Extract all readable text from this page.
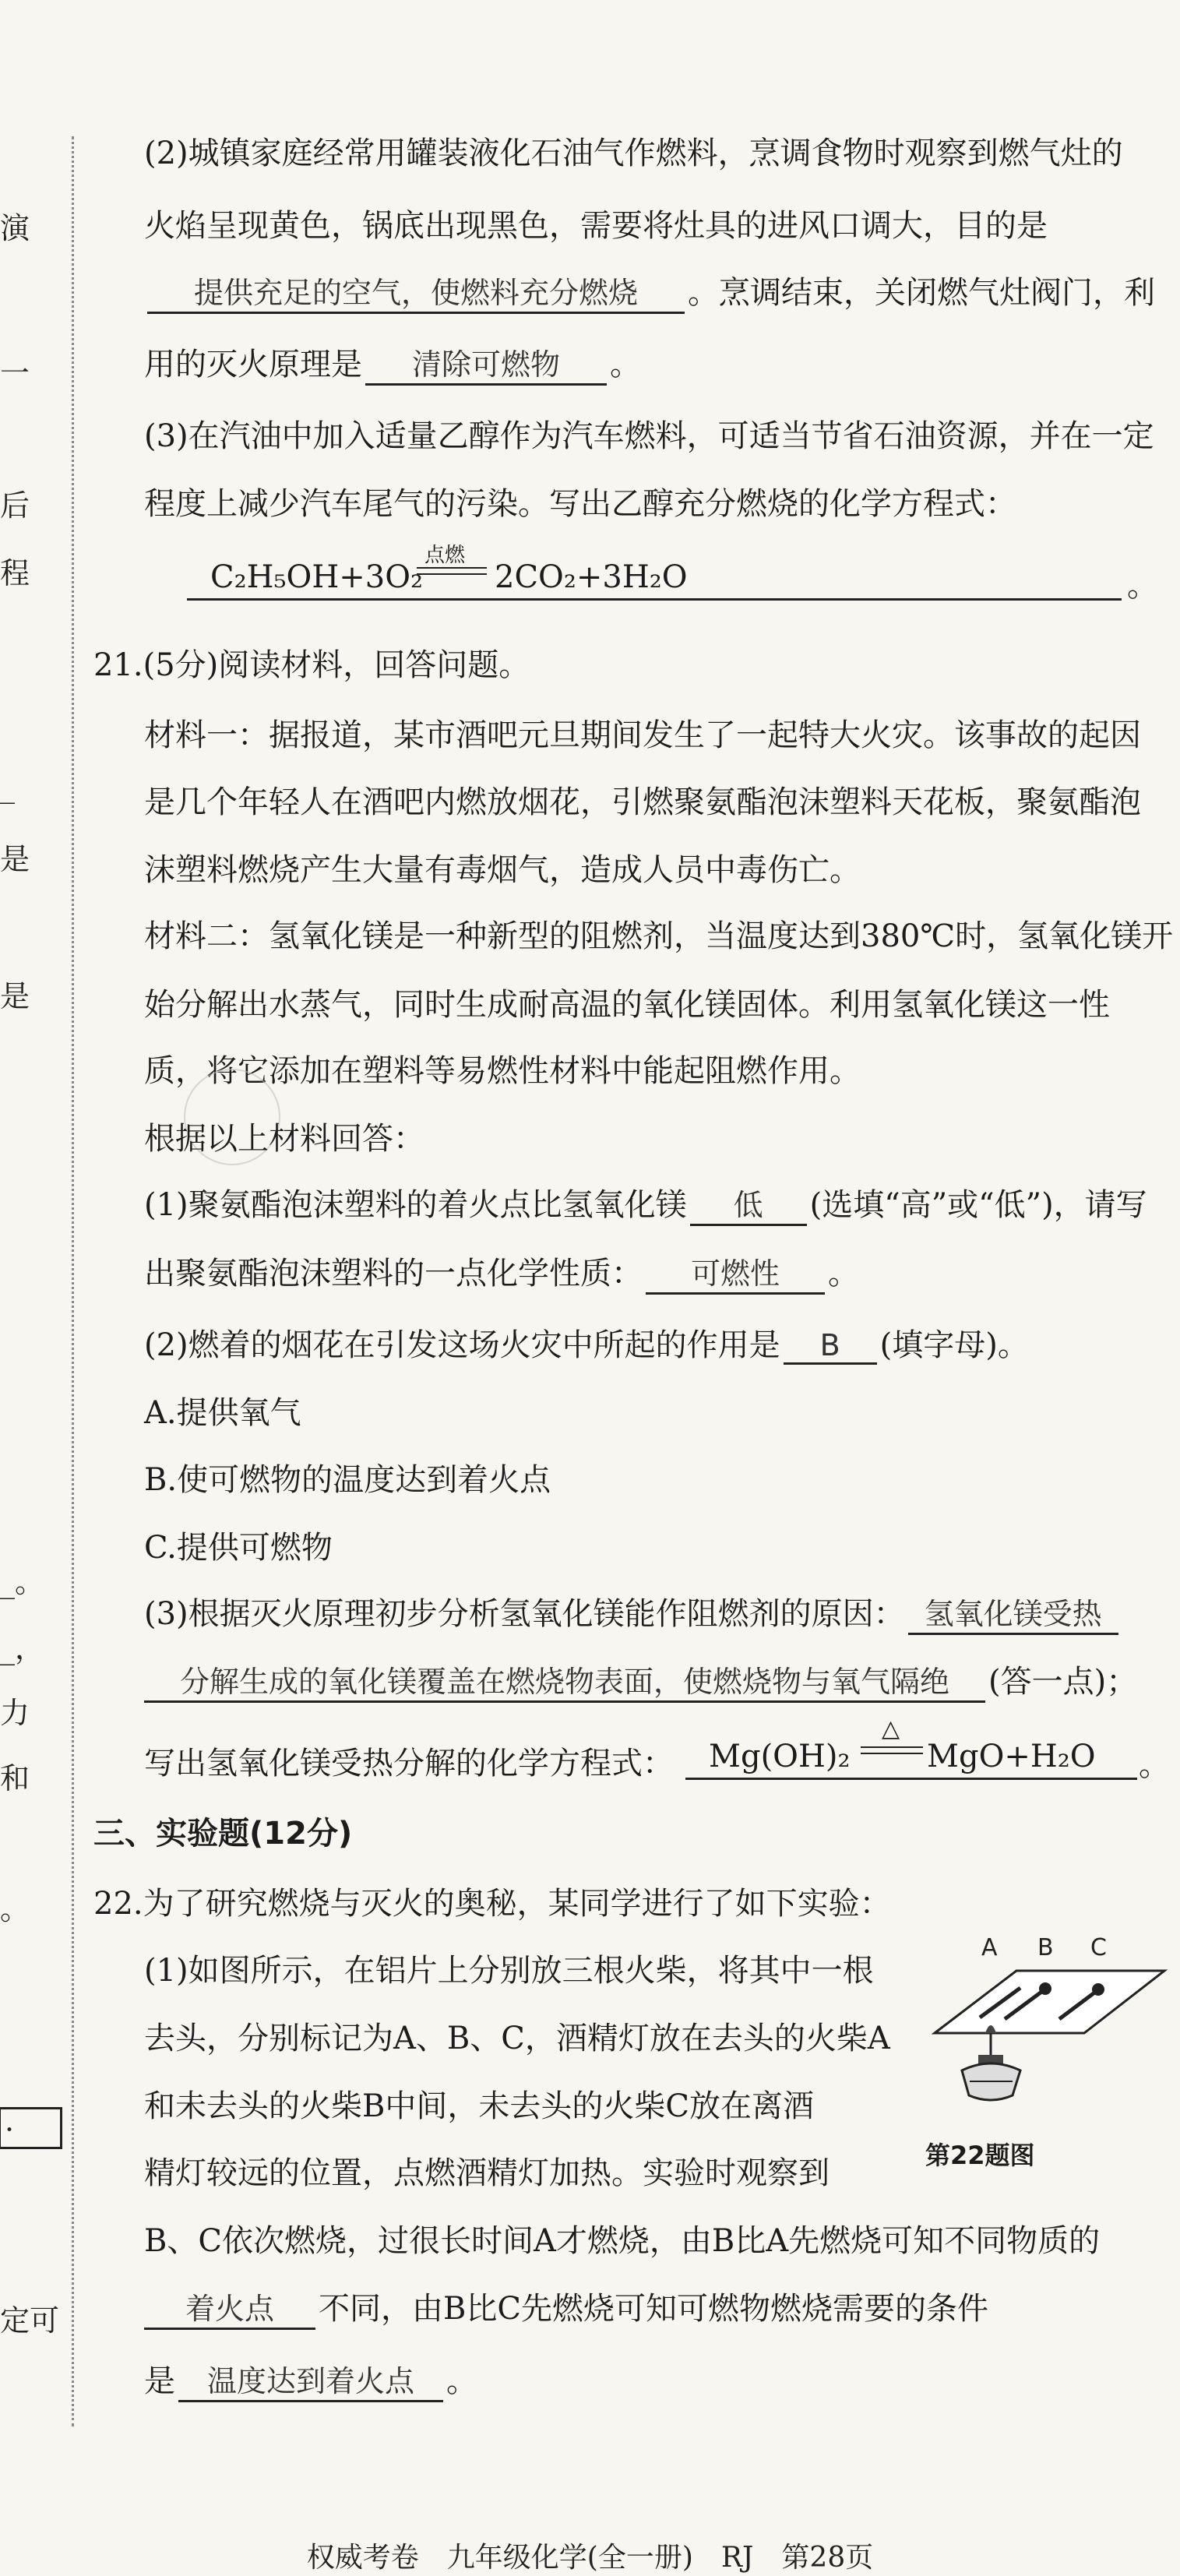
演
一
后
程
_
是
是
_。
_，
力
和
。
·
定可
(2)城镇家庭经常用罐装液化石油气作燃料，烹调食物时观察到燃气灶的
火焰呈现黄色，锅底出现黑色，需要将灶具的进风口调大，目的是
提供充足的空气，使燃料充分燃烧 。烹调结束，关闭燃气灶阀门，利
用的灭火原理是 清除可燃物 。
(3)在汽油中加入适量乙醇作为汽车燃料，可适当节省石油资源，并在一定
程度上减少汽车尾气的污染。写出乙醇充分燃烧的化学方程式：
C₂H₅OH+3O₂
点燃
2CO₂+3H₂O	。
21.(5分)阅读材料，回答问题。
材料一：据报道，某市酒吧元旦期间发生了一起特大火灾。该事故的起因
是几个年轻人在酒吧内燃放烟花，引燃聚氨酯泡沫塑料天花板，聚氨酯泡
沫塑料燃烧产生大量有毒烟气，造成人员中毒伤亡。
材料二：氢氧化镁是一种新型的阻燃剂，当温度达到380℃时，氢氧化镁开
始分解出水蒸气，同时生成耐高温的氧化镁固体。利用氢氧化镁这一性
质，将它添加在塑料等易燃性材料中能起阻燃作用。
根据以上材料回答：
(1)聚氨酯泡沫塑料的着火点比氢氧化镁 低 (选填“高”或“低”)，请写
出聚氨酯泡沫塑料的一点化学性质： 可燃性 。
(2)燃着的烟花在引发这场火灾中所起的作用是 B (填字母)。
A.提供氧气
B.使可燃物的温度达到着火点
C.提供可燃物
(3)根据灭火原理初步分析氢氧化镁能作阻燃剂的原因： 氢氧化镁受热
分解生成的氧化镁覆盖在燃烧物表面，使燃烧物与氧气隔绝 (答一点)；
写出氢氧化镁受热分解的化学方程式： Mg(OH)₂
△
MgO+H₂O 。
三、实验题(12分)
22.为了研究燃烧与灭火的奥秘，某同学进行了如下实验：
(1)如图所示，在铝片上分别放三根火柴，将其中一根
去头，分别标记为A、B、C，酒精灯放在去头的火柴A
和未去头的火柴B中间，未去头的火柴C放在离酒
精灯较远的位置，点燃酒精灯加热。实验时观察到
A B C
第22题图
B、C依次燃烧，过很长时间A才燃烧，由B比A先燃烧可知不同物质的
着火点 不同，由B比C先燃烧可知可燃物燃烧需要的条件
是 温度达到着火点 。
权威考卷　九年级化学(全一册)　RJ　第28页
